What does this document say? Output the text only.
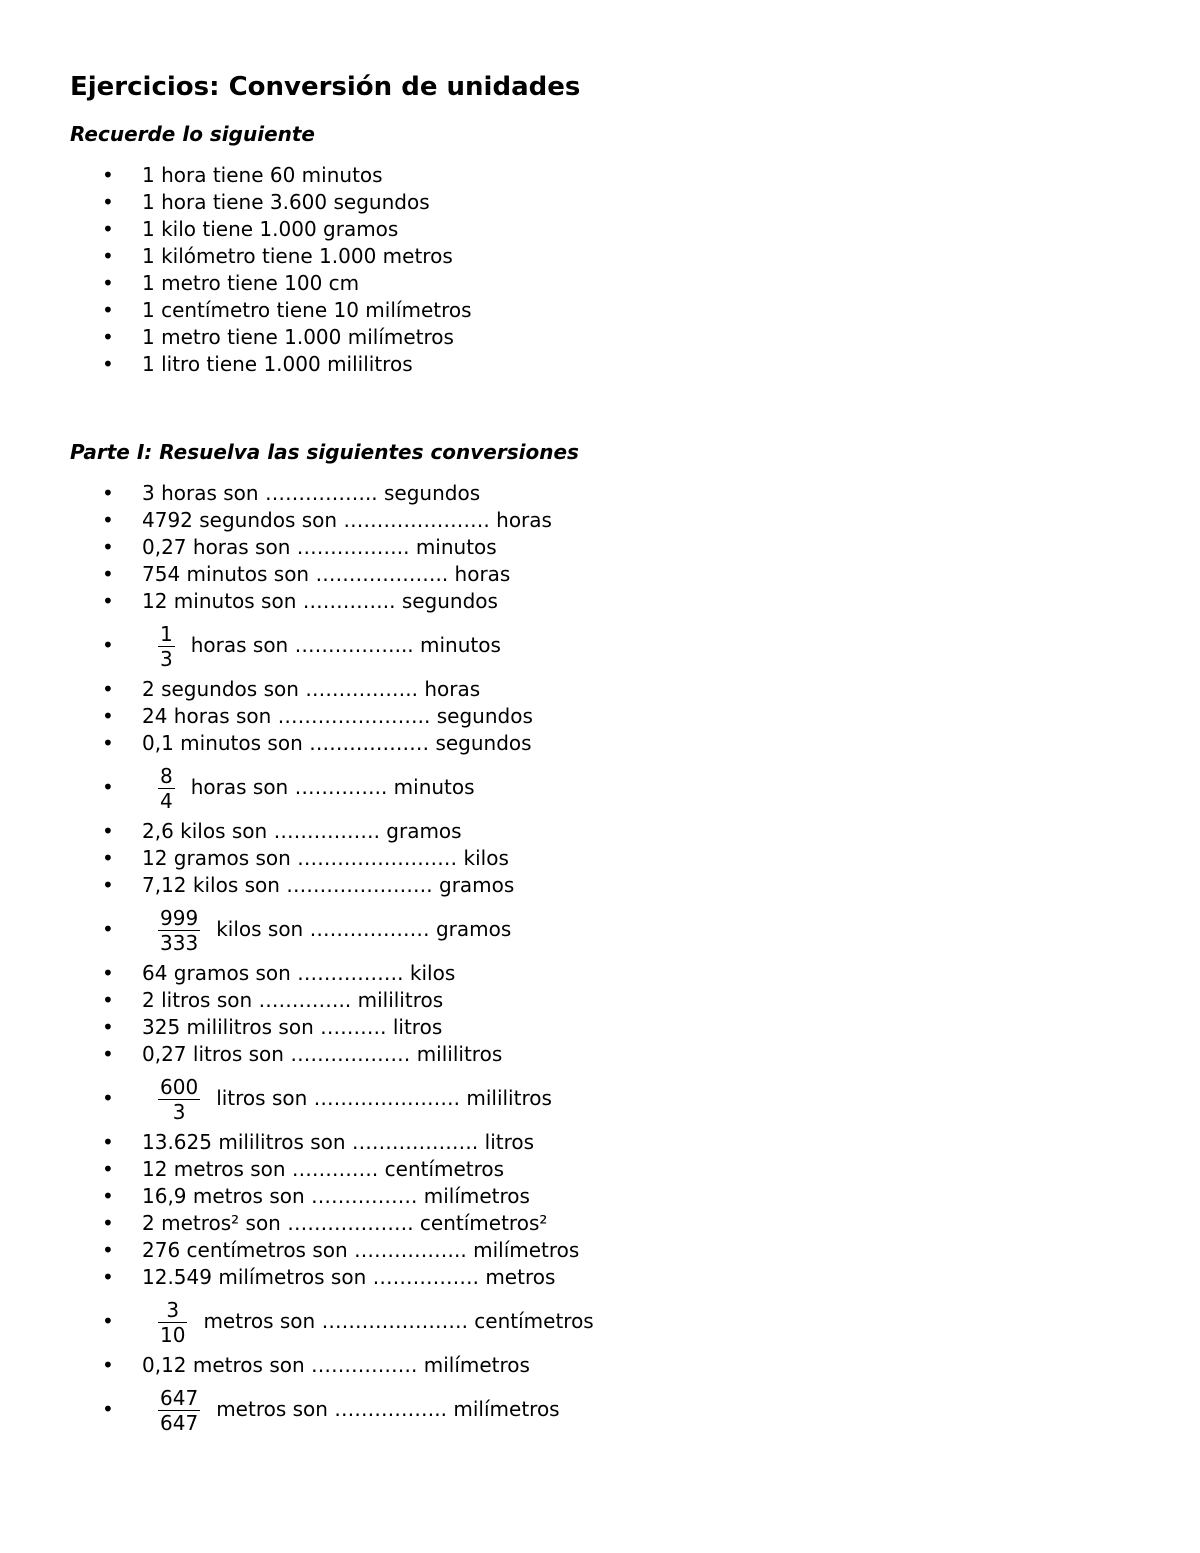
Ejercicios: Conversión de unidades
Recuerde lo siguiente
• 1 hora tiene 60 minutos
• 1 hora tiene 3.600 segundos
• 1 kilo tiene 1.000 gramos
• 1 kilómetro tiene 1.000 metros
• 1 metro tiene 100 cm
• 1 centímetro tiene 10 milímetros
• 1 metro tiene 1.000 milímetros
• 1 litro tiene 1.000 mililitros
Parte I: Resuelva las siguientes conversiones
• 3 horas son …………….. segundos
• 4792 segundos son …………………. horas
• 0,27 horas son …………….. minutos
• 754 minutos son ……………….. horas
• 12 minutos son ………….. segundos
• $\frac{1}{3}$ horas son ……………... minutos
• 2 segundos son …………….. horas
• 24 horas son ………………….. segundos
• 0,1 minutos son ……………… segundos
• $\frac{8}{4}$ horas son ………….. minutos
• 2,6 kilos son ……………. gramos
• 12 gramos son …………………… kilos
• 7,12 kilos son …………………. gramos
• $\frac{999}{333}$ kilos son ……………… gramos
• 64 gramos son ……………. kilos
• 2 litros son ………….. mililitros
• 325 mililitros son ………. litros
• 0,27 litros son ……………… mililitros
• $\frac{600}{3}$ litros son …………………. mililitros
• 13.625 mililitros son ………………. litros
• 12 metros son …………. centímetros
• 16,9 metros son ……………. milímetros
• 2 metros² son ………………. centímetros²
• 276 centímetros son …………….. milímetros
• 12.549 milímetros son ……………. metros
• $\frac{3}{10}$ metros son …………………. centímetros
• 0,12 metros son ……………. milímetros
• $\frac{647}{647}$ metros son …………….. milímetros
